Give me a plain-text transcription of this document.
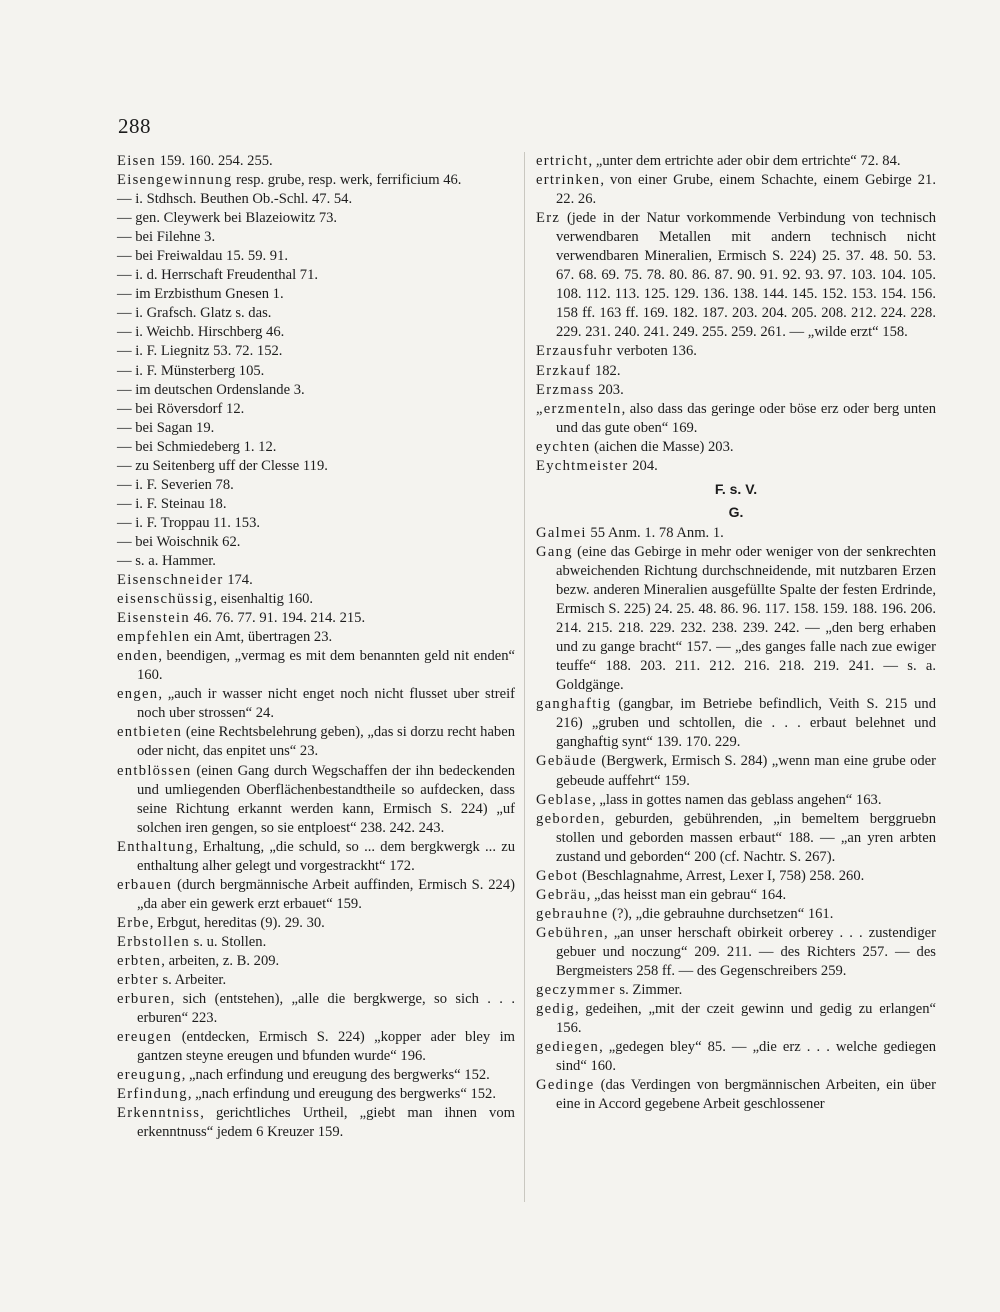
288
Eisen 159. 160. 254. 255.
Eisengewinnung resp. grube, resp. werk, ferrificium 46.
— i. Stdhsch. Beuthen Ob.-Schl. 47. 54.
— gen. Cleywerk bei Blazeiowitz 73.
— bei Filehne 3.
— bei Freiwaldau 15. 59. 91.
— i. d. Herrschaft Freudenthal 71.
— im Erzbisthum Gnesen 1.
— i. Grafsch. Glatz s. das.
— i. Weichb. Hirschberg 46.
— i. F. Liegnitz 53. 72. 152.
— i. F. Münsterberg 105.
— im deutschen Ordenslande 3.
— bei Röversdorf 12.
— bei Sagan 19.
— bei Schmiedeberg 1. 12.
— zu Seitenberg uff der Clesse 119.
— i. F. Severien 78.
— i. F. Steinau 18.
— i. F. Troppau 11. 153.
— bei Woischnik 62.
— s. a. Hammer.
Eisenschneider 174.
eisenschüssig, eisenhaltig 160.
Eisenstein 46. 76. 77. 91. 194. 214. 215.
empfehlen ein Amt, übertragen 23.
enden, beendigen, „vermag es mit dem benannten geld nit enden“ 160.
engen, „auch ir wasser nicht enget noch nicht flusset uber streif noch uber strossen“ 24.
entbieten (eine Rechtsbelehrung geben), „das si dorzu recht haben oder nicht, das enpitet uns“ 23.
entblössen (einen Gang durch Wegschaffen der ihn bedeckenden und umliegenden Oberflächenbestandtheile so aufdecken, dass seine Richtung erkannt werden kann, Ermisch S. 224) „uf solchen iren gengen, so sie entploest“ 238. 242. 243.
Enthaltung, Erhaltung, „die schuld, so ... dem bergkwergk ... zu enthaltung alher gelegt und vorgestrackht“ 172.
erbauen (durch bergmännische Arbeit auffinden, Ermisch S. 224) „da aber ein gewerk erzt erbauet“ 159.
Erbe, Erbgut, hereditas (9). 29. 30.
Erbstollen s. u. Stollen.
erbten, arbeiten, z. B. 209.
erbter s. Arbeiter.
erburen, sich (entstehen), „alle die bergkwerge, so sich . . . erburen“ 223.
ereugen (entdecken, Ermisch S. 224) „kopper ader bley im gantzen steyne ereugen und bfunden wurde“ 196.
ereugung, „nach erfindung und ereugung des bergwerks“ 152.
Erfindung, „nach erfindung und ereugung des bergwerks“ 152.
Erkenntniss, gerichtliches Urtheil, „giebt man ihnen vom erkenntnuss“ jedem 6 Kreuzer 159.
ertricht, „unter dem ertrichte ader obir dem ertrichte“ 72. 84.
ertrinken, von einer Grube, einem Schachte, einem Gebirge 21. 22. 26.
Erz (jede in der Natur vorkommende Verbindung von technisch verwendbaren Metallen mit andern technisch nicht verwendbaren Mineralien, Ermisch S. 224) 25. 37. 48. 50. 53. 67. 68. 69. 75. 78. 80. 86. 87. 90. 91. 92. 93. 97. 103. 104. 105. 108. 112. 113. 125. 129. 136. 138. 144. 145. 152. 153. 154. 156. 158 ff. 163 ff. 169. 182. 187. 203. 204. 205. 208. 212. 224. 228. 229. 231. 240. 241. 249. 255. 259. 261. — „wilde erzt“ 158.
Erzausfuhr verboten 136.
Erzkauf 182.
Erzmass 203.
„erzmenteln, also dass das geringe oder böse erz oder berg unten und das gute oben“ 169.
eychten (aichen die Masse) 203.
Eychtmeister 204.
F. s. V.
G.
Galmei 55 Anm. 1. 78 Anm. 1.
Gang (eine das Gebirge in mehr oder weniger von der senkrechten abweichenden Richtung durchschneidende, mit nutzbaren Erzen bezw. anderen Mineralien ausgefüllte Spalte der festen Erdrinde, Ermisch S. 225) 24. 25. 48. 86. 96. 117. 158. 159. 188. 196. 206. 214. 215. 218. 229. 232. 238. 239. 242. — „den berg erhaben und zu gange bracht“ 157. — „des ganges falle nach zue ewiger teuffe“ 188. 203. 211. 212. 216. 218. 219. 241. — s. a. Goldgänge.
ganghaftig (gangbar, im Betriebe befindlich, Veith S. 215 und 216) „gruben und schtollen, die . . . erbaut belehnet und ganghaftig synt“ 139. 170. 229.
Gebäude (Bergwerk, Ermisch S. 284) „wenn man eine grube oder gebeude auffehrt“ 159.
Geblase, „lass in gottes namen das geblass angehen“ 163.
geborden, geburden, gebührenden, „in bemeltem berggruebn stollen und geborden massen erbaut“ 188. — „an yren arbten zustand und geborden“ 200 (cf. Nachtr. S. 267).
Gebot (Beschlagnahme, Arrest, Lexer I, 758) 258. 260.
Gebräu, „das heisst man ein gebrau“ 164.
gebrauhne (?), „die gebrauhne durchsetzen“ 161.
Gebühren, „an unser herschaft obirkeit orberey . . . zustendiger gebuer und noczung“ 209. 211. — des Richters 257. — des Bergmeisters 258 ff. — des Gegenschreibers 259.
geczymmer s. Zimmer.
gedig, gedeihen, „mit der czeit gewinn und gedig zu erlangen“ 156.
gediegen, „gedegen bley“ 85. — „die erz . . . welche gediegen sind“ 160.
Gedinge (das Verdingen von bergmännischen Arbeiten, ein über eine in Accord gegebene Arbeit geschlossener
